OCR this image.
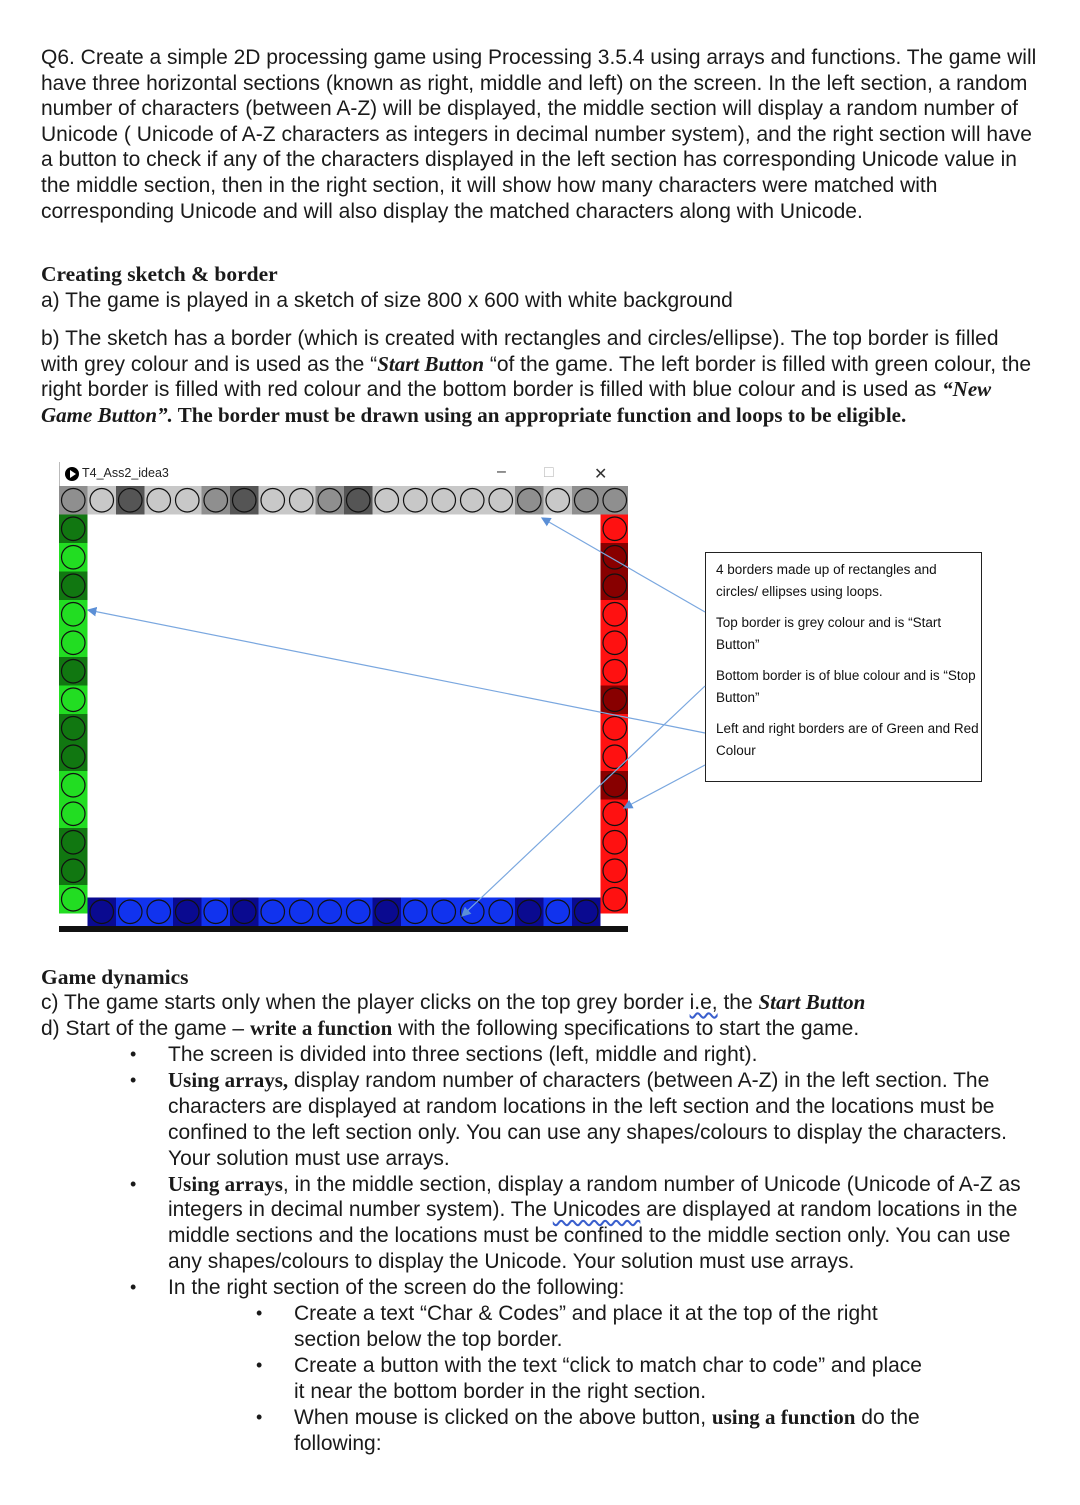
Q6. Create a simple 2D processing game using Processing 3.5.4 using arrays and functions. The game will have three horizontal sections (known as right, middle and left) on the screen. In the left section, a random number of characters (between A-Z) will be displayed, the middle section will display a random number of Unicode ( Unicode of A-Z characters as integers in decimal number system), and the right section will have a button to check if any of the characters displayed in the left section has corresponding Unicode value in the middle section, then in the right section, it will show how many characters were matched with corresponding Unicode and will also display the matched characters along with Unicode.

Creating sketch & border

a) The game is played in a sketch of size 800 x 600 with white background

b) The sketch has a border (which is created with rectangles and circles/ellipse). The top border is filled with grey colour and is used as the “Start Button “of the game. The left border is filled with green colour, the right border is filled with red colour and the bottom border is filled with blue colour and is used as “New Game Button”. The border must be drawn using an appropriate function and loops to be eligible.

T4_Ass2_idea3	– □	✕

4 borders made up of rectangles and circles/ ellipses using loops.

Top border is grey colour and is “Start Button”

Bottom border is of blue colour and is “Stop Button”

Left and right borders are of Green and Red Colour

Game dynamics

c) The game starts only when the player clicks on the top grey border i.e, the Start Button

d) Start of the game – write a function with the following specifications to start the game.

• The screen is divided into three sections (left, middle and right).
• Using arrays, display random number of characters (between A-Z) in the left section. The characters are displayed at random locations in the left section and the locations must be confined to the left section only. You can use any shapes/colours to display the characters. Your solution must use arrays.
• Using arrays, in the middle section, display a random number of Unicode (Unicode of A-Z as integers in decimal number system). The Unicodes are displayed at random locations in the middle sections and the locations must be confined to the middle section only. You can use any shapes/colours to display the Unicode. Your solution must use arrays.
• In the right section of the screen do the following:
• Create a text “Char & Codes” and place it at the top of the right section below the top border.
• Create a button with the text “click to match char to code” and place it near the bottom border in the right section.
• When mouse is clicked on the above button, using a function do the following:
